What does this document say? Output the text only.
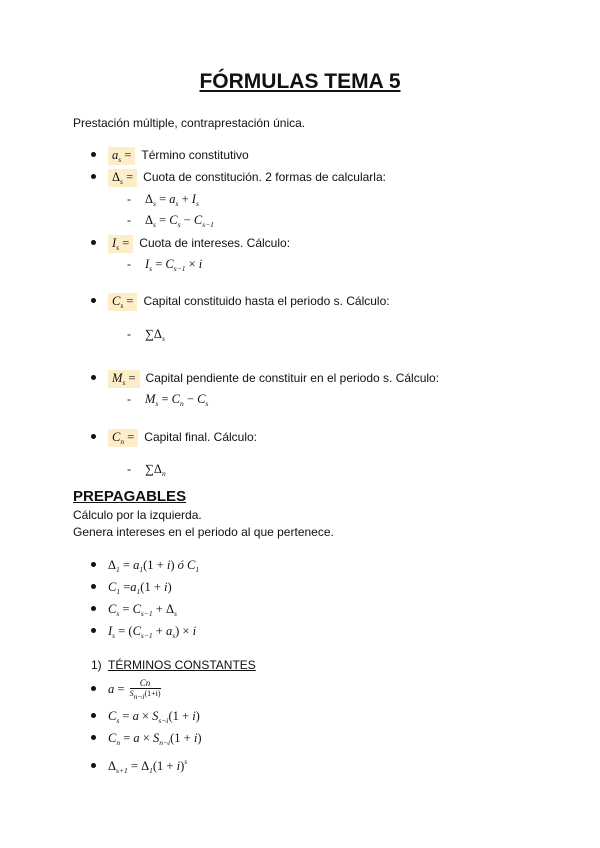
FÓRMULAS TEMA 5
Prestación múltiple, contraprestación única.
$a_s$ = Término constitutivo
$\Delta_s$ = Cuota de constitución. 2 formas de calcularla:
- $\Delta_s = a_s + I_s$
- $\Delta_s = C_s - C_{s-1}$
$I_s$ = Cuota de intereses. Cálculo:
- $I_s = C_{s-1} \times i$
$C_s$ = Capital constituido hasta el periodo s. Cálculo:
- $\sum\Delta_s$
$M_s$ = Capital pendiente de constituir en el periodo s. Cálculo:
- $M_s = C_n - C_s$
$C_n$ = Capital final. Cálculo:
- $\sum\Delta_n$
PREPAGABLES
Cálculo por la izquierda.
Genera intereses en el periodo al que pertenece.
$\Delta_1 = a_1(1 + i)$ ó $C_1$
$C_1 =a_1(1 + i)$
$C_s = C_{s-1} + \Delta_s$
$I_s = (C_{s-1} + a_s) \times i$
1) TÉRMINOS CONSTANTES
$a = \frac{Cn}{Sn\neg i(1+i)}$
$C_s = a \times S_{s\neg i}(1 + i)$
$C_n = a \times S_{n\neg i}(1 + i)$
$\Delta_{s+1} = \Delta_1(1 + i)^s$
